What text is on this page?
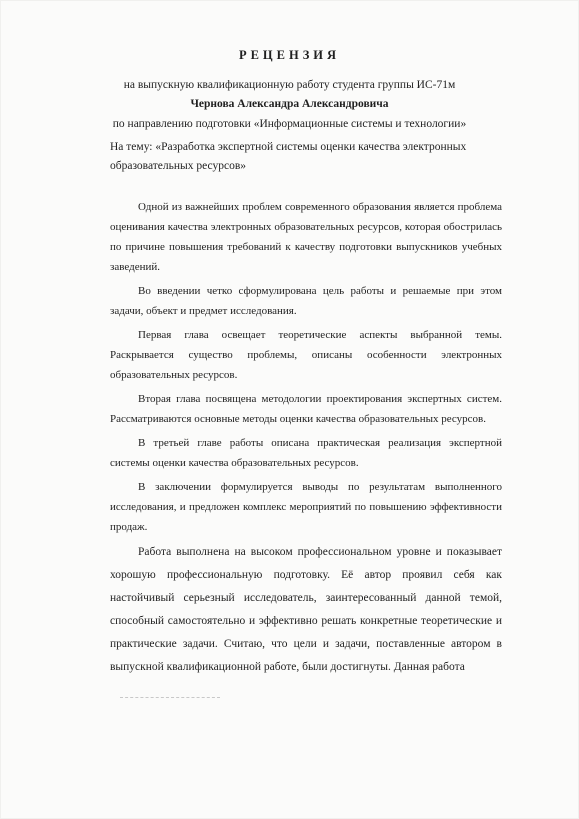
РЕЦЕНЗИЯ
на выпускную квалификационную работу студента группы ИС-71м
Чернова Александра Александровича
по направлению подготовки «Информационные системы и технологии»
На тему: «Разработка экспертной системы оценки качества электронных образовательных ресурсов»

Одной из важнейших проблем современного образования является проблема оценивания качества электронных образовательных ресурсов, которая обострилась по причине повышения требований к качеству подготовки выпускников учебных заведений.

Во введении четко сформулирована цель работы и решаемые при этом задачи, объект и предмет исследования.

Первая глава освещает теоретические аспекты выбранной темы. Раскрывается существо проблемы, описаны особенности электронных образовательных ресурсов.

Вторая глава посвящена методологии проектирования экспертных систем. Рассматриваются основные методы оценки качества образовательных ресурсов.

В третьей главе работы описана практическая реализация экспертной системы оценки качества образовательных ресурсов.

В заключении формулируется выводы по результатам выполненного исследования, и предложен комплекс мероприятий по повышению эффективности продаж.

Работа выполнена на высоком профессиональном уровне и показывает хорошую профессиональную подготовку. Её автор проявил себя как настойчивый серьезный исследователь, заинтересованный данной темой, способный самостоятельно и эффективно решать конкретные теоретические и практические задачи. Считаю, что цели и задачи, поставленные автором в выпускной квалификационной работе, были достигнуты. Данная работа
